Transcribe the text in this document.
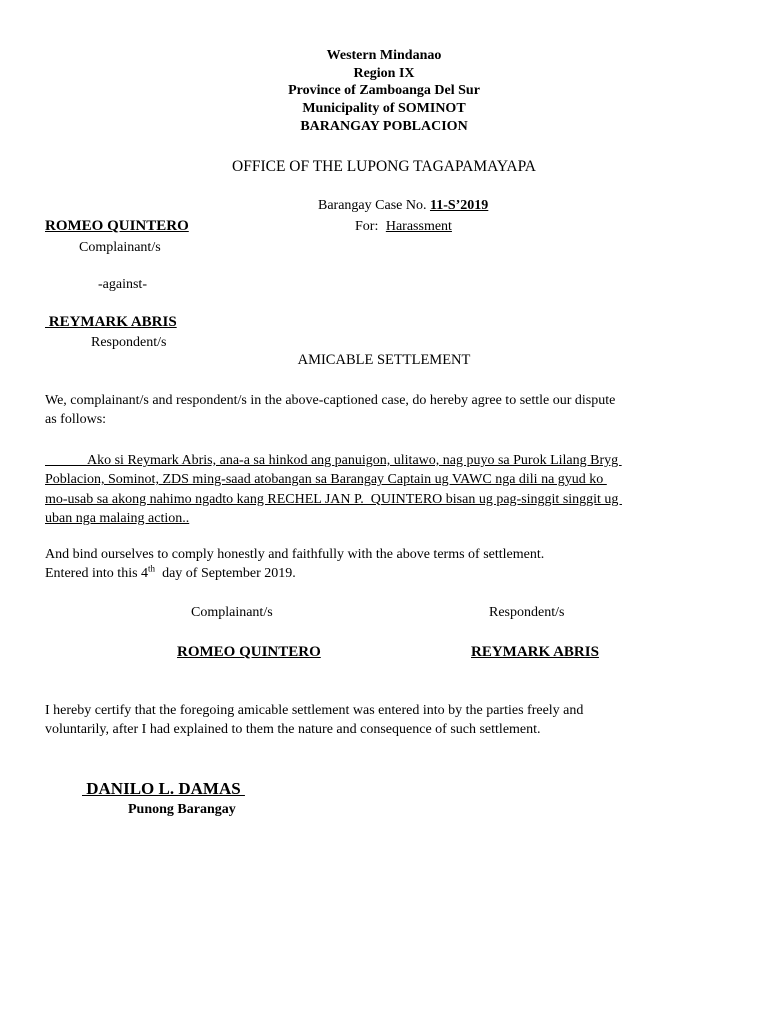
Western Mindanao
Region IX
Province of Zamboanga Del Sur
Municipality of SOMINOT
BARANGAY POBLACION
OFFICE OF THE LUPONG TAGAPAMAYAPA
Barangay Case No. 11-S’2019
For: Harassment
ROMEO QUINTERO
Complainant/s
-against-
REYMARK ABRIS
Respondent/s
AMICABLE SETTLEMENT
We, complainant/s and respondent/s in the above-captioned case, do hereby agree to settle our dispute
as follows:
Ako si Reymark Abris, ana-a sa hinkod ang panuigon, ulitawo, nag puyo sa Purok Lilang Bryg
Poblacion, Sominot, ZDS ming-saad atobangan sa Barangay Captain ug VAWC nga dili na gyud ko
mo-usab sa akong nahimo ngadto kang RECHEL JAN P.  QUINTERO bisan ug pag-singgit singgit ug
uban nga malaing action..
And bind ourselves to comply honestly and faithfully with the above terms of settlement.
Entered into this 4th  day of September 2019.
Complainant/s	Respondent/s
ROMEO QUINTERO	REYMARK ABRIS
I hereby certify that the foregoing amicable settlement was entered into by the parties freely and
voluntarily, after I had explained to them the nature and consequence of such settlement.
DANILO L. DAMAS
Punong Barangay
